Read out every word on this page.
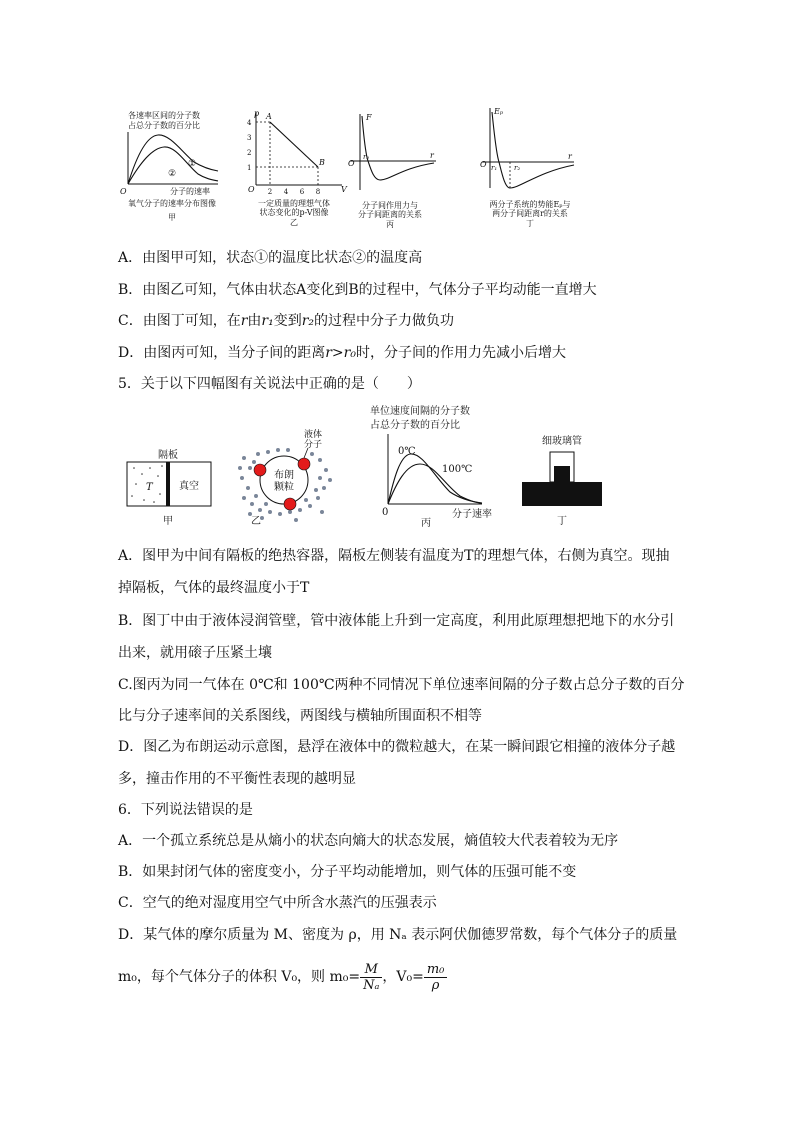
各速率区间的分子数
占总分子数的百分比
①
②
O	分子的速率
氧气分子的速率分布图像
甲
p
V
O
4
3
2
1
2 4 6 8
A
B
一定质量的理想气体
状态变化的p-V图像
乙
F
r
O
r₀
分子间作用力与
分子间距离的关系
丙
Eₚ
r
O r₁ r₂
两分子系统的势能Eₚ与
两分子间距离r的关系
丁
A．由图甲可知，状态①的温度比状态②的温度高
B．由图乙可知，气体由状态A变化到B的过程中，气体分子平均动能一直增大
C．由图丁可知，在r由r₁变到r₂的过程中分子力做负功
D．由图丙可知，当分子间的距离r>r₀时，分子间的作用力先减小后增大
5．关于以下四幅图有关说法中正确的是（　　）
隔板
T	真空
甲
液体
分子
布朗
颗粒
乙
单位速度间隔的分子数
占总分子数的百分比
0℃
100℃
0	分子速率
丙
细玻璃管
丁
A．图甲为中间有隔板的绝热容器，隔板左侧装有温度为T的理想气体，右侧为真空。现抽
掉隔板，气体的最终温度小于T
B．图丁中由于液体浸润管壁，管中液体能上升到一定高度，利用此原理想把地下的水分引
出来，就用磙子压紧土壤
C.图丙为同一气体在 0℃和 100℃两种不同情况下单位速率间隔的分子数占总分子数的百分
比与分子速率间的关系图线，两图线与横轴所围面积不相等
D．图乙为布朗运动示意图，悬浮在液体中的微粒越大，在某一瞬间跟它相撞的液体分子越
多，撞击作用的不平衡性表现的越明显
6．下列说法错误的是
A．一个孤立系统总是从熵小的状态向熵大的状态发展，熵值较大代表着较为无序
B．如果封闭气体的密度变小，分子平均动能增加，则气体的压强可能不变
C．空气的绝对湿度用空气中所含水蒸汽的压强表示
D．某气体的摩尔质量为 M、密度为 ρ，用 Nₐ 表示阿伏伽德罗常数，每个气体分子的质量
m₀，每个气体分子的体积 V₀，则 $m_0= \frac{M}{\text{Nₐ}}$ ，$V_0= \frac{\text{m₀}}{\rho}$
